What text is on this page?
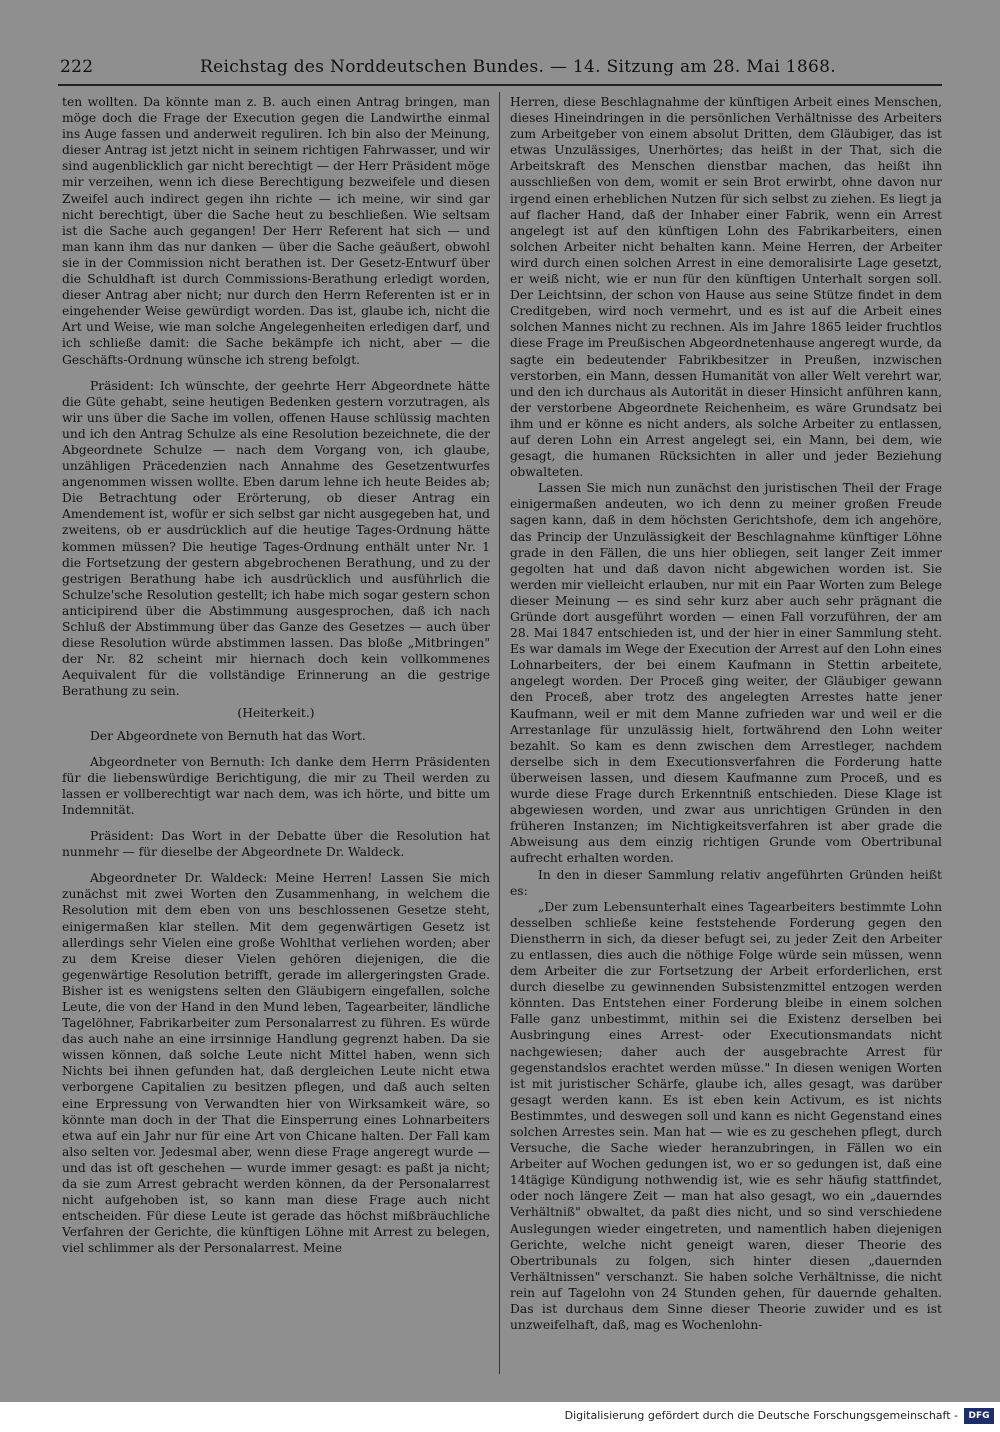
222	Reichstag des Norddeutschen Bundes. — 14. Sitzung am 28. Mai 1868.

ten wollten. Da könnte man z. B. auch einen Antrag bringen, man möge doch die Frage der Execution gegen die Landwirthe einmal ins Auge fassen und anderweit reguliren. Ich bin also der Meinung, dieser Antrag ist jetzt nicht in seinem richtigen Fahrwasser, und wir sind augenblicklich gar nicht berechtigt — der Herr Präsident möge mir verzeihen, wenn ich diese Berechtigung bezweifele und diesen Zweifel auch indirect gegen ihn richte — ich meine, wir sind gar nicht berechtigt, über die Sache heut zu beschließen. Wie seltsam ist die Sache auch gegangen! Der Herr Referent hat sich — und man kann ihm das nur danken — über die Sache geäußert, obwohl sie in der Commission nicht berathen ist. Der Gesetz-Entwurf über die Schuldhaft ist durch Commissions-Berathung erledigt worden, dieser Antrag aber nicht; nur durch den Herrn Referenten ist er in eingehender Weise gewürdigt worden. Das ist, glaube ich, nicht die Art und Weise, wie man solche Angelegenheiten erledigen darf, und ich schließe damit: die Sache bekämpfe ich nicht, aber — die Geschäfts-Ordnung wünsche ich streng befolgt.

Präsident: Ich wünschte, der geehrte Herr Abgeordnete hätte die Güte gehabt, seine heutigen Bedenken gestern vorzutragen, als wir uns über die Sache im vollen, offenen Hause schlüssig machten und ich den Antrag Schulze als eine Resolution bezeichnete, die der Abgeordnete Schulze — nach dem Vorgang von, ich glaube, unzähligen Präcedenzien nach Annahme des Gesetzentwurfes angenommen wissen wollte. Eben darum lehne ich heute Beides ab; Die Betrachtung oder Erörterung, ob dieser Antrag ein Amendement ist, wofür er sich selbst gar nicht ausgegeben hat, und zweitens, ob er ausdrücklich auf die heutige Tages-Ordnung hätte kommen müssen? Die heutige Tages-Ordnung enthält unter Nr. 1 die Fortsetzung der gestern abgebrochenen Berathung, und zu der gestrigen Berathung habe ich ausdrücklich und ausführlich die Schulze'sche Resolution gestellt; ich habe mich sogar gestern schon anticipirend über die Abstimmung ausgesprochen, daß ich nach Schluß der Abstimmung über das Ganze des Gesetzes — auch über diese Resolution würde abstimmen lassen. Das bloße „Mitbringen" der Nr. 82 scheint mir hiernach doch kein vollkommenes Aequivalent für die vollständige Erinnerung an die gestrige Berathung zu sein.

(Heiterkeit.)

Der Abgeordnete von Bernuth hat das Wort.

Abgeordneter von Bernuth: Ich danke dem Herrn Präsidenten für die liebenswürdige Berichtigung, die mir zu Theil werden zu lassen er vollberechtigt war nach dem, was ich hörte, und bitte um Indemnität.

Präsident: Das Wort in der Debatte über die Resolution hat nunmehr — für dieselbe der Abgeordnete Dr. Waldeck.

Abgeordneter Dr. Waldeck: Meine Herren! Lassen Sie mich zunächst mit zwei Worten den Zusammenhang, in welchem die Resolution mit dem eben von uns beschlossenen Gesetze steht, einigermaßen klar stellen. Mit dem gegenwärtigen Gesetz ist allerdings sehr Vielen eine große Wohlthat verliehen worden; aber zu dem Kreise dieser Vielen gehören diejenigen, die die gegenwärtige Resolution betrifft, gerade im allergeringsten Grade. Bisher ist es wenigstens selten den Gläubigern eingefallen, solche Leute, die von der Hand in den Mund leben, Tagearbeiter, ländliche Tagelöhner, Fabrikarbeiter zum Personalarrest zu führen. Es würde das auch nahe an eine irrsinnige Handlung gegrenzt haben. Da sie wissen können, daß solche Leute nicht Mittel haben, wenn sich Nichts bei ihnen gefunden hat, daß dergleichen Leute nicht etwa verborgene Capitalien zu besitzen pflegen, und daß auch selten eine Erpressung von Verwandten hier von Wirksamkeit wäre, so könnte man doch in der That die Einsperrung eines Lohnarbeiters etwa auf ein Jahr nur für eine Art von Chicane halten. Der Fall kam also selten vor. Jedesmal aber, wenn diese Frage angeregt wurde — und das ist oft geschehen — wurde immer gesagt: es paßt ja nicht; da sie zum Arrest gebracht werden können, da der Personalarrest nicht aufgehoben ist, so kann man diese Frage auch nicht entscheiden. Für diese Leute ist gerade das höchst mißbräuchliche Verfahren der Gerichte, die künftigen Löhne mit Arrest zu belegen, viel schlimmer als der Personalarrest. Meine

Herren, diese Beschlagnahme der künftigen Arbeit eines Menschen, dieses Hineindringen in die persönlichen Verhältnisse des Arbeiters zum Arbeitgeber von einem absolut Dritten, dem Gläubiger, das ist etwas Unzulässiges, Unerhörtes; das heißt in der That, sich die Arbeitskraft des Menschen dienstbar machen, das heißt ihn ausschließen von dem, womit er sein Brot erwirbt, ohne davon nur irgend einen erheblichen Nutzen für sich selbst zu ziehen. Es liegt ja auf flacher Hand, daß der Inhaber einer Fabrik, wenn ein Arrest angelegt ist auf den künftigen Lohn des Fabrikarbeiters, einen solchen Arbeiter nicht behalten kann. Meine Herren, der Arbeiter wird durch einen solchen Arrest in eine demoralisirte Lage gesetzt, er weiß nicht, wie er nun für den künftigen Unterhalt sorgen soll. Der Leichtsinn, der schon von Hause aus seine Stütze findet in dem Creditgeben, wird noch vermehrt, und es ist auf die Arbeit eines solchen Mannes nicht zu rechnen. Als im Jahre 1865 leider fruchtlos diese Frage im Preußischen Abgeordnetenhause angeregt wurde, da sagte ein bedeutender Fabrikbesitzer in Preußen, inzwischen verstorben, ein Mann, dessen Humanität von aller Welt verehrt war, und den ich durchaus als Autorität in dieser Hinsicht anführen kann, der verstorbene Abgeordnete Reichenheim, es wäre Grundsatz bei ihm und er könne es nicht anders, als solche Arbeiter zu entlassen, auf deren Lohn ein Arrest angelegt sei, ein Mann, bei dem, wie gesagt, die humanen Rücksichten in aller und jeder Beziehung obwalteten.

Lassen Sie mich nun zunächst den juristischen Theil der Frage einigermaßen andeuten, wo ich denn zu meiner großen Freude sagen kann, daß in dem höchsten Gerichtshofe, dem ich angehöre, das Princip der Unzulässigkeit der Beschlagnahme künftiger Löhne grade in den Fällen, die uns hier obliegen, seit langer Zeit immer gegolten hat und daß davon nicht abgewichen worden ist. Sie werden mir vielleicht erlauben, nur mit ein Paar Worten zum Belege dieser Meinung — es sind sehr kurz aber auch sehr prägnant die Gründe dort ausgeführt worden — einen Fall vorzuführen, der am 28. Mai 1847 entschieden ist, und der hier in einer Sammlung steht. Es war damals im Wege der Execution der Arrest auf den Lohn eines Lohnarbeiters, der bei einem Kaufmann in Stettin arbeitete, angelegt worden. Der Proceß ging weiter, der Gläubiger gewann den Proceß, aber trotz des angelegten Arrestes hatte jener Kaufmann, weil er mit dem Manne zufrieden war und weil er die Arrestanlage für unzulässig hielt, fortwährend den Lohn weiter bezahlt. So kam es denn zwischen dem Arrestleger, nachdem derselbe sich in dem Executionsverfahren die Forderung hatte überweisen lassen, und diesem Kaufmanne zum Proceß, und es wurde diese Frage durch Erkenntniß entschieden. Diese Klage ist abgewiesen worden, und zwar aus unrichtigen Gründen in den früheren Instanzen; im Nichtigkeitsverfahren ist aber grade die Abweisung aus dem einzig richtigen Grunde vom Obertribunal aufrecht erhalten worden.

In den in dieser Sammlung relativ angeführten Gründen heißt es:

„Der zum Lebensunterhalt eines Tagearbeiters bestimmte Lohn desselben schließe keine feststehende Forderung gegen den Dienstherrn in sich, da dieser befugt sei, zu jeder Zeit den Arbeiter zu entlassen, dies auch die nöthige Folge würde sein müssen, wenn dem Arbeiter die zur Fortsetzung der Arbeit erforderlichen, erst durch dieselbe zu gewinnenden Subsistenzmittel entzogen werden könnten. Das Entstehen einer Forderung bleibe in einem solchen Falle ganz unbestimmt, mithin sei die Existenz derselben bei Ausbringung eines Arrest- oder Executionsmandats nicht nachgewiesen; daher auch der ausgebrachte Arrest für gegenstandslos erachtet werden müsse." In diesen wenigen Worten ist mit juristischer Schärfe, glaube ich, alles gesagt, was darüber gesagt werden kann. Es ist eben kein Activum, es ist nichts Bestimmtes, und deswegen soll und kann es nicht Gegenstand eines solchen Arrestes sein. Man hat — wie es zu geschehen pflegt, durch Versuche, die Sache wieder heranzubringen, in Fällen wo ein Arbeiter auf Wochen gedungen ist, wo er so gedungen ist, daß eine 14tägige Kündigung nothwendig ist, wie es sehr häufig stattfindet, oder noch längere Zeit — man hat also gesagt, wo ein „dauerndes Verhältniß" obwaltet, da paßt dies nicht, und so sind verschiedene Auslegungen wieder eingetreten, und namentlich haben diejenigen Gerichte, welche nicht geneigt waren, dieser Theorie des Obertribunals zu folgen, sich hinter diesen „dauernden Verhältnissen" verschanzt. Sie haben solche Verhältnisse, die nicht rein auf Tagelohn von 24 Stunden gehen, für dauernde gehalten. Das ist durchaus dem Sinne dieser Theorie zuwider und es ist unzweifelhaft, daß, mag es Wochenlohn-

Digitalisierung gefördert durch die Deutsche Forschungsgemeinschaft -	DFG
